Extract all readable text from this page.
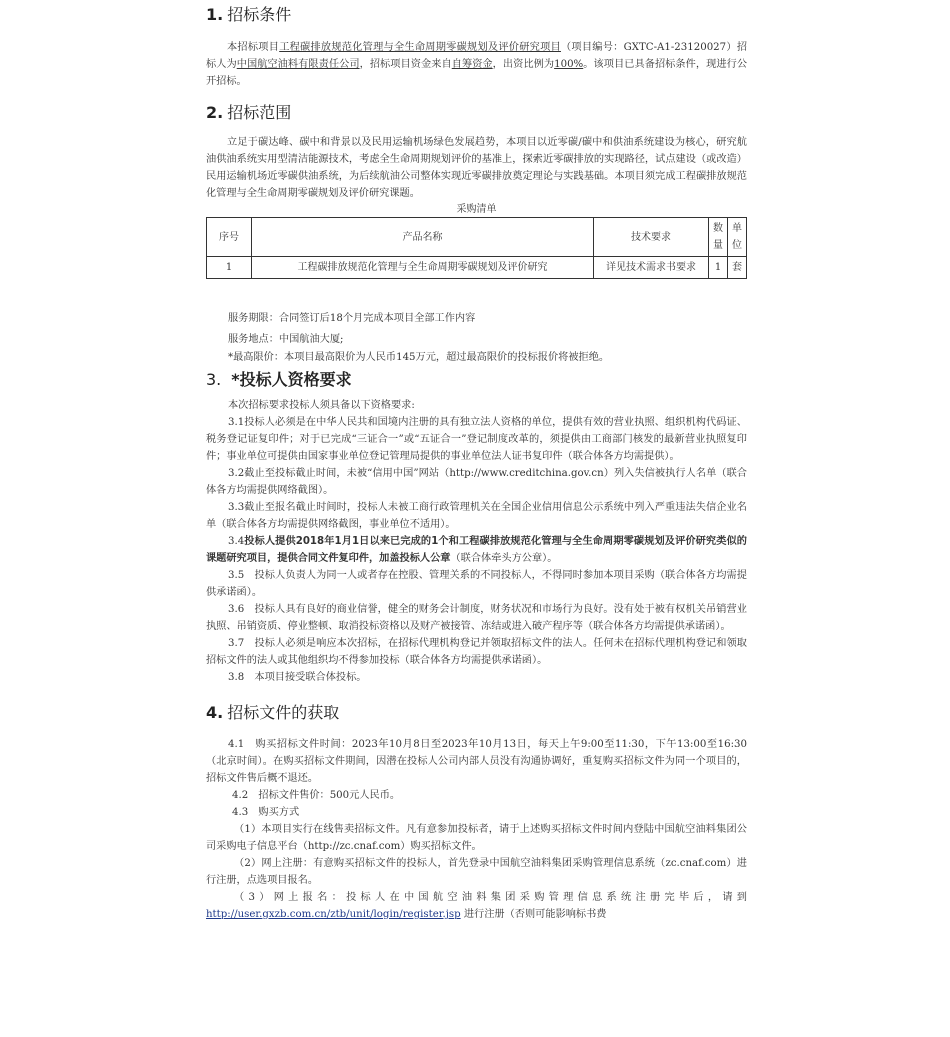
1. 招标条件

本招标项目工程碳排放规范化管理与全生命周期零碳规划及评价研究项目（项目编号：GXTC-A1-23120027）招标人为中国航空油料有限责任公司，招标项目资金来自自筹资金，出资比例为100%。该项目已具备招标条件，现进行公开招标。

2. 招标范围

立足于碳达峰、碳中和背景以及民用运输机场绿色发展趋势，本项目以近零碳/碳中和供油系统建设为核心，研究航油供油系统实用型清洁能源技术，考虑全生命周期规划评价的基准上，探索近零碳排放的实现路径，试点建设（或改造）民用运输机场近零碳供油系统，为后续航油公司整体实现近零碳排放奠定理论与实践基础。本项目须完成工程碳排放规范化管理与全生命周期零碳规划及评价研究课题。

采购清单
序号	产品名称	技术要求	数量	单位
1	工程碳排放规范化管理与全生命周期零碳规划及评价研究	详见技术需求书要求	1	套

服务期限：合同签订后18个月完成本项目全部工作内容

服务地点：中国航油大厦;

*最高限价：本项目最高限价为人民币145万元，超过最高限价的投标报价将被拒绝。

3. *投标人资格要求

本次招标要求投标人须具备以下资格要求:

3.1投标人必须是在中华人民共和国境内注册的具有独立法人资格的单位，提供有效的营业执照、组织机构代码证、税务登记证复印件；对于已完成“三证合一”或“五证合一”登记制度改革的，须提供由工商部门核发的最新营业执照复印件；事业单位可提供由国家事业单位登记管理局提供的事业单位法人证书复印件（联合体各方均需提供）。

3.2截止至投标截止时间，未被“信用中国”网站（http://www.creditchina.gov.cn）列入失信被执行人名单（联合体各方均需提供网络截图）。

3.3截止至报名截止时间时，投标人未被工商行政管理机关在全国企业信用信息公示系统中列入严重违法失信企业名单（联合体各方均需提供网络截图，事业单位不适用）。

3.4投标人提供2018年1月1日以来已完成的1个和工程碳排放规范化管理与全生命周期零碳规划及评价研究类似的课题研究项目，提供合同文件复印件，加盖投标人公章（联合体牵头方公章）。

3.5　投标人负责人为同一人或者存在控股、管理关系的不同投标人，不得同时参加本项目采购（联合体各方均需提供承诺函）。

3.6　投标人具有良好的商业信誉，健全的财务会计制度，财务状况和市场行为良好。没有处于被有权机关吊销营业执照、吊销资质、停业整顿、取消投标资格以及财产被接管、冻结或进入破产程序等（联合体各方均需提供承诺函）。

3.7　投标人必须是响应本次招标，在招标代理机构登记并领取招标文件的法人。任何未在招标代理机构登记和领取招标文件的法人或其他组织均不得参加投标（联合体各方均需提供承诺函）。

3.8　本项目接受联合体投标。

4. 招标文件的获取

4.1　购买招标文件时间：2023年10月8日至2023年10月13日，每天上午9:00至11:30，下午13:00至16:30（北京时间）。在购买招标文件期间，因潜在投标人公司内部人员没有沟通协调好，重复购买招标文件为同一个项目的，招标文件售后概不退还。

4.2　招标文件售价：500元人民币。

4.3　购买方式

（1）本项目实行在线售卖招标文件。凡有意参加投标者，请于上述购买招标文件时间内登陆中国航空油料集团公司采购电子信息平台（http://zc.cnaf.com）购买招标文件。

（2）网上注册：有意购买招标文件的投标人，首先登录中国航空油料集团采购管理信息系统（zc.cnaf.com）进行注册，点选项目报名。

（3）网上报名：投标人在中国航空油料集团采购管理信息系统注册完毕后，请到 http://user.gxzb.com.cn/ztb/unit/login/register.jsp 进行注册（否则可能影响标书费
